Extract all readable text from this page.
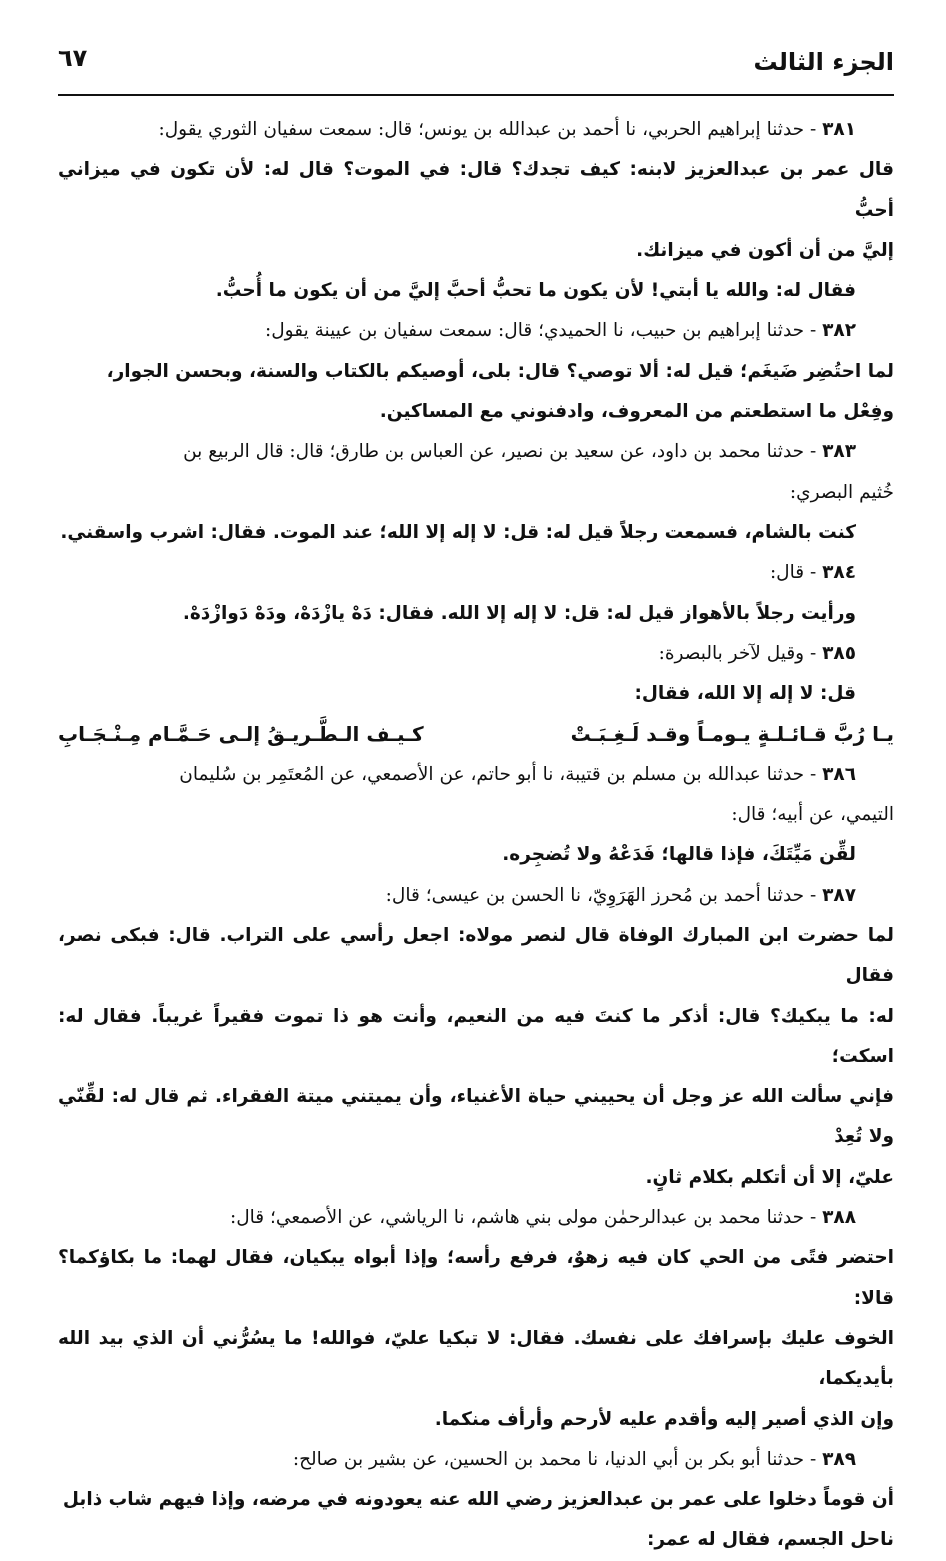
الجزء الثالث
٦٧
٣٨١ - حدثنا إبراهيم الحربي، نا أحمد بن عبدالله بن يونس؛ قال: سمعت سفيان الثوري يقول:
قال عمر بن عبدالعزيز لابنه: كيف تجدك؟ قال: في الموت؟ قال له: لأن تكون في ميزاني أحبُّ
إليَّ من أن أكون في ميزانك.
فقال له: والله يا أبتي! لأن يكون ما تحبُّ أحبَّ إليَّ من أن يكون ما أُحبُّ.
٣٨٢ - حدثنا إبراهيم بن حبيب، نا الحميدي؛ قال: سمعت سفيان بن عيينة يقول:
لما احتُضِر ضَيغَم؛ قيل له: ألا توصي؟ قال: بلى، أوصيكم بالكتاب والسنة، وبحسن الجوار،
وفِعْل ما استطعتم من المعروف، وادفنوني مع المساكين.
٣٨٣ - حدثنا محمد بن داود، عن سعيد بن نصير، عن العباس بن طارق؛ قال: قال الربيع بن
خُثيم البصري:
كنت بالشام، فسمعت رجلاً قيل له: قل: لا إله إلا الله؛ عند الموت. فقال: اشرب واسقني.
٣٨٤ - قال:
ورأيت رجلاً بالأهواز قيل له: قل: لا إله إلا الله. فقال: دَهْ يازْدَهْ، ودَهْ دَوازْدَهْ.
٣٨٥ - وقيل لآخر بالبصرة:
قل: لا إله إلا الله، فقال:
يـا رُبَّ قـائـلـةٍ يـومـاً وقـد لَـغِـبَـتْ
كـيـف الـطَّـريـقُ إلـى حَـمَّـام مِـنْـجَـابِ
٣٨٦ - حدثنا عبدالله بن مسلم بن قتيبة، نا أبو حاتم، عن الأصمعي، عن المُعتَمِر بن سُليمان
التيمي، عن أبيه؛ قال:
لقِّن مَيِّتَكَ، فإذا قالها؛ فَدَعْهُ ولا تُضجِره.
٣٨٧ - حدثنا أحمد بن مُحرز الهَرَوِيّ، نا الحسن بن عيسى؛ قال:
لما حضرت ابن المبارك الوفاة قال لنصر مولاه: اجعل رأسي على التراب. قال: فبكى نصر، فقال
له: ما يبكيك؟ قال: أذكر ما كنتَ فيه من النعيم، وأنت هو ذا تموت فقيراً غريباً. فقال له: اسكت؛
فإني سألت الله عز وجل أن يحييني حياة الأغنياء، وأن يميتني ميتة الفقراء. ثم قال له: لقِّنّي ولا تُعِدْ
عليّ، إلا أن أتكلم بكلام ثانٍ.
٣٨٨ - حدثنا محمد بن عبدالرحمٰن مولى بني هاشم، نا الرياشي، عن الأصمعي؛ قال:
احتضر فتًى من الحي كان فيه زهوٌ، فرفع رأسه؛ وإذا أبواه يبكيان، فقال لهما: ما بكاؤكما؟ قالا:
الخوف عليك بإسرافك على نفسك. فقال: لا تبكيا عليّ، فوالله! ما يسُرُّني أن الذي بيد الله بأيديكما،
وإن الذي أصير إليه وأقدم عليه لأرحم وأرأف منكما.
٣٨٩ - حدثنا أبو بكر بن أبي الدنيا، نا محمد بن الحسين، عن بشير بن صالح:
أن قوماً دخلوا على عمر بن عبدالعزيز رضي الله عنه يعودونه في مرضه، وإذا فيهم شاب ذابل
ناحل الجسم، فقال له عمر:
